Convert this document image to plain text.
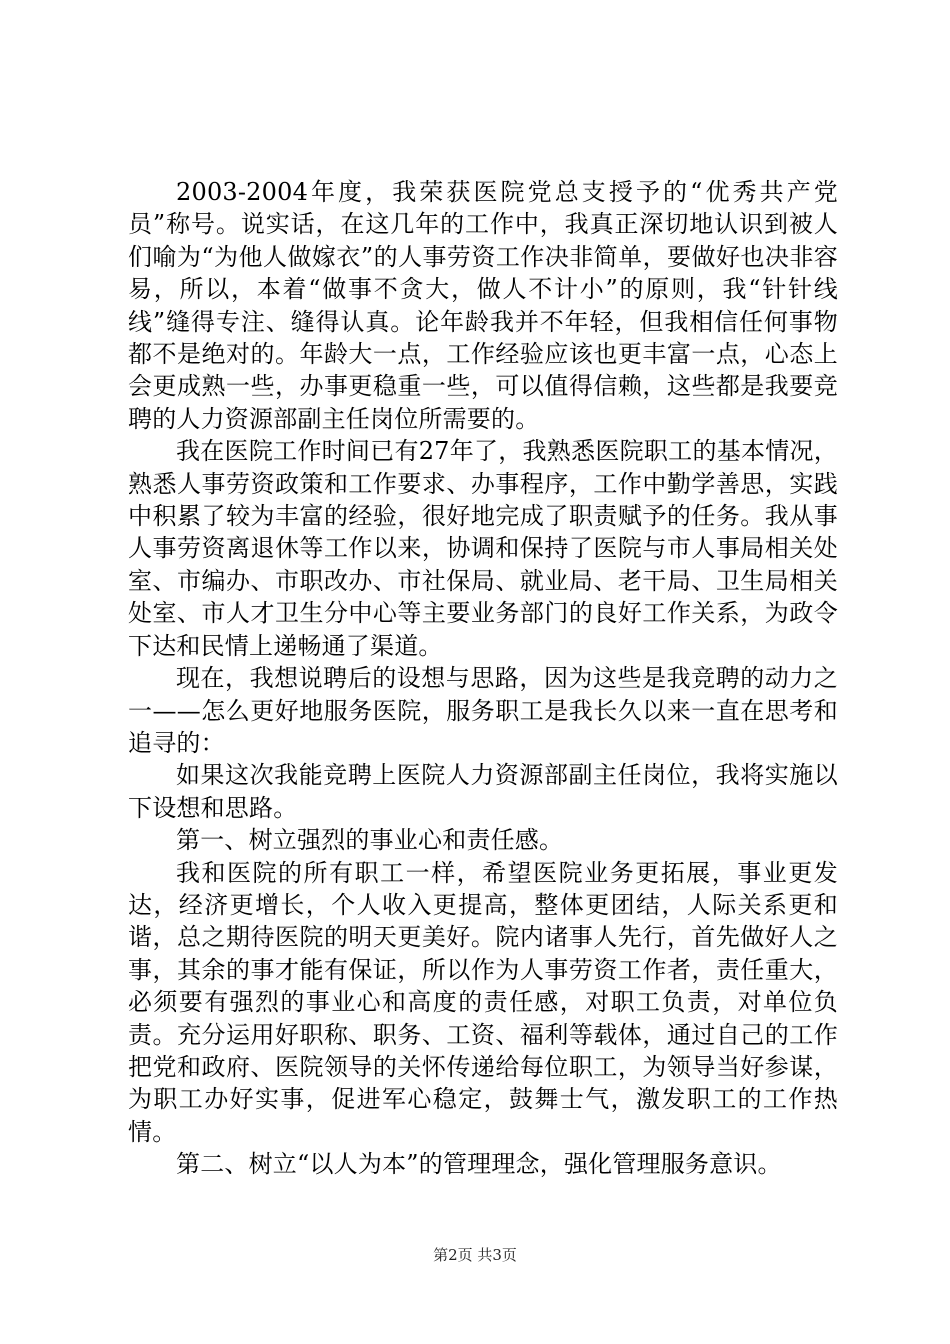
2003-2004年度，我荣获医院党总支授予的“优秀共产党员”称号。说实话，在这几年的工作中，我真正深切地认识到被人们喻为“为他人做嫁衣”的人事劳资工作决非简单，要做好也决非容易，所以，本着“做事不贪大，做人不计小”的原则，我“针针线线”缝得专注、缝得认真。论年龄我并不年轻，但我相信任何事物都不是绝对的。年龄大一点，工作经验应该也更丰富一点，心态上会更成熟一些，办事更稳重一些，可以值得信赖，这些都是我要竞聘的人力资源部副主任岗位所需要的。

我在医院工作时间已有27年了，我熟悉医院职工的基本情况，熟悉人事劳资政策和工作要求、办事程序，工作中勤学善思，实践中积累了较为丰富的经验，很好地完成了职责赋予的任务。我从事人事劳资离退休等工作以来，协调和保持了医院与市人事局相关处室、市编办、市职改办、市社保局、就业局、老干局、卫生局相关处室、市人才卫生分中心等主要业务部门的良好工作关系，为政令下达和民情上递畅通了渠道。

现在，我想说聘后的设想与思路，因为这些是我竞聘的动力之一——怎么更好地服务医院，服务职工是我长久以来一直在思考和追寻的：

如果这次我能竞聘上医院人力资源部副主任岗位，我将实施以下设想和思路。

第一、树立强烈的事业心和责任感。

我和医院的所有职工一样，希望医院业务更拓展，事业更发达，经济更增长，个人收入更提高，整体更团结，人际关系更和谐，总之期待医院的明天更美好。院内诸事人先行，首先做好人之事，其余的事才能有保证，所以作为人事劳资工作者，责任重大，必须要有强烈的事业心和高度的责任感，对职工负责，对单位负责。充分运用好职称、职务、工资、福利等载体，通过自己的工作把党和政府、医院领导的关怀传递给每位职工，为领导当好参谋，为职工办好实事，促进军心稳定，鼓舞士气，激发职工的工作热情。

第二、树立“以人为本”的管理理念，强化管理服务意识。

第2页 共3页
